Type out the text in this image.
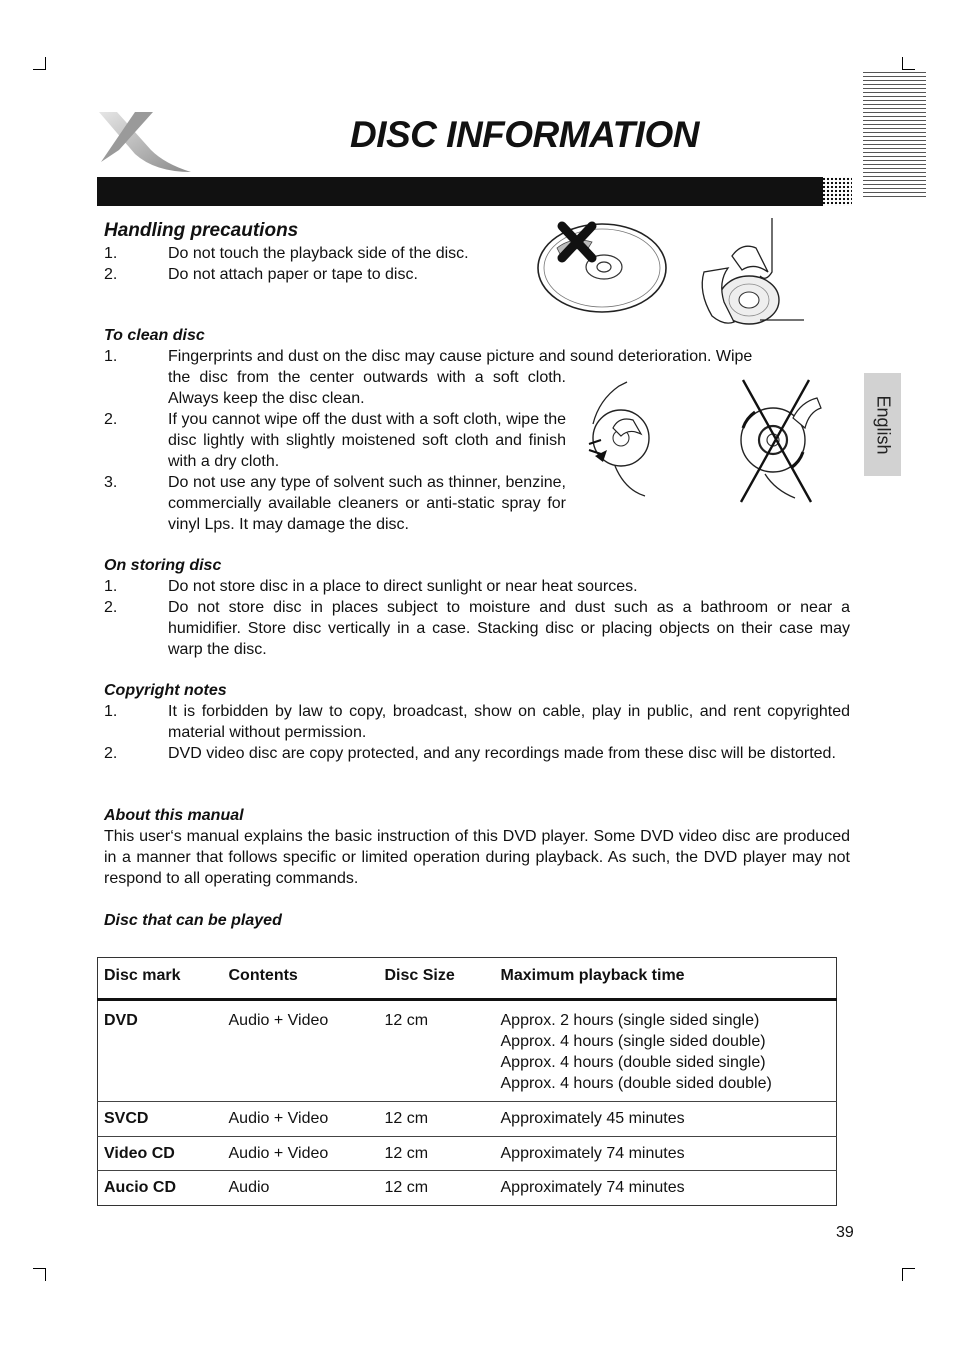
DISC INFORMATION
English

Handling precautions

1.	Do not touch the playback side of the disc.
2.	Do not attach paper or tape to disc.

To clean disc

1.	Fingerprints and dust on the disc may cause picture and sound deterioration. Wipe
the disc from the center outwards with a soft cloth. Always keep the disc clean.
2.	If you cannot wipe off the dust with a soft cloth, wipe the disc lightly with slightly moistened soft cloth and finish with a dry cloth.
3.	Do not use any type of solvent such as thinner, benzine, commercially available cleaners or anti-static spray for vinyl Lps. It may damage the disc.

On storing disc

1.	Do not store disc in a place to direct sunlight or near heat sources.
2.	Do not store disc in places subject to moisture and dust such as a bathroom or near a humidifier. Store disc vertically in a case. Stacking disc or placing objects on their case may warp the disc.

Copyright notes

1.	It is forbidden by law to copy, broadcast, show on cable, play in public, and rent copyrighted material without permission.
2.	DVD video disc are copy protected, and any recordings made from these disc will be distorted.

About this manual

This user‘s manual explains the basic instruction of this DVD player. Some DVD video disc are produced in a manner that follows specific or limited operation during playback. As such, the DVD player may not respond to all operating commands.

Disc that can be played

Disc mark	Contents	Disc Size	Maximum playback time
DVD	Audio + Video	12 cm	Approx. 2 hours (single sided single)
Approx. 4 hours (single sided double)
Approx. 4 hours (double sided single)
Approx. 4 hours (double sided double)

SVCD	Audio + Video	12 cm	Approximately 45 minutes
Video CD	Audio + Video	12 cm	Approximately 74 minutes
Aucio CD	Audio	12 cm	Approximately 74 minutes
39
